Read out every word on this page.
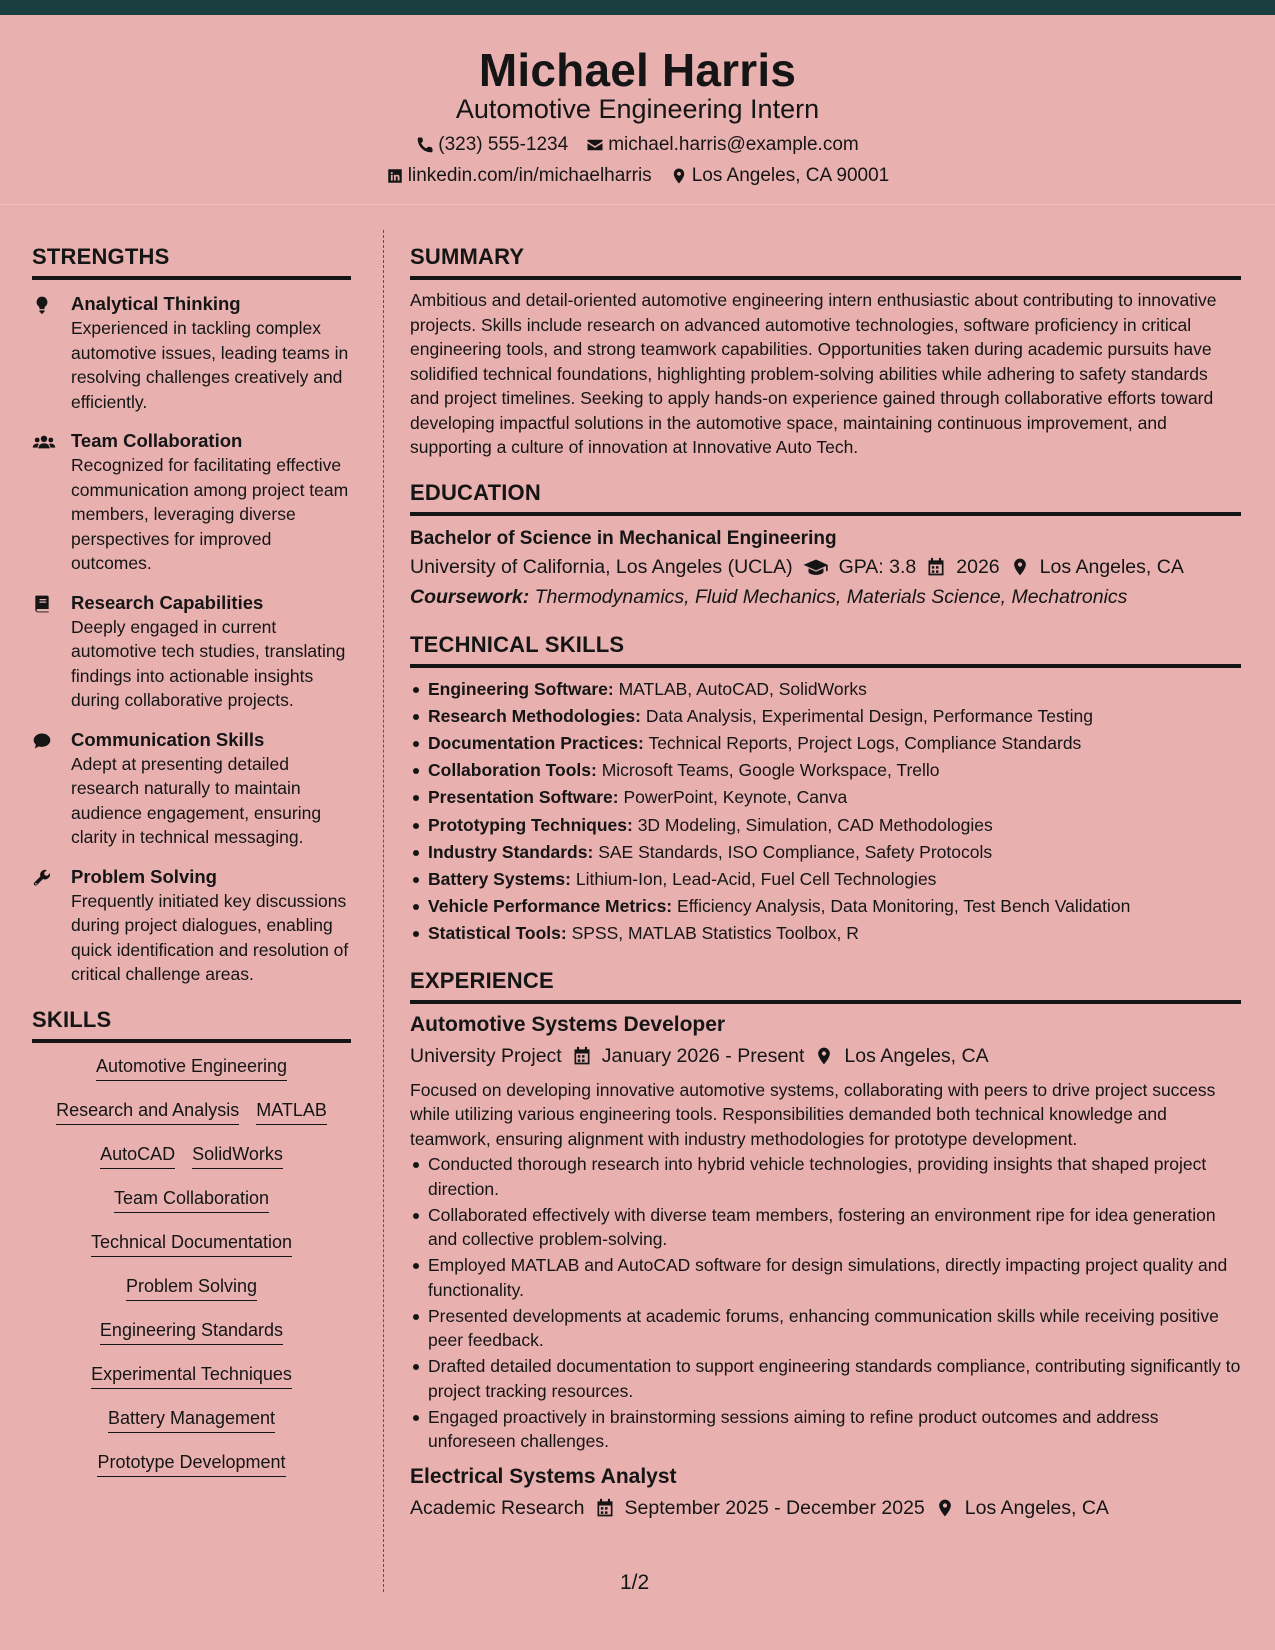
Michael Harris
Automotive Engineering Intern
(323) 555-1234 michael.harris@example.com
linkedin.com/in/michaelharris Los Angeles, CA 90001
STRENGTHS
Analytical Thinking
Experienced in tackling complex automotive issues, leading teams in resolving challenges creatively and efficiently.
Team Collaboration
Recognized for facilitating effective communication among project team members, leveraging diverse perspectives for improved outcomes.
Research Capabilities
Deeply engaged in current automotive tech studies, translating findings into actionable insights during collaborative projects.
Communication Skills
Adept at presenting detailed research naturally to maintain audience engagement, ensuring clarity in technical messaging.
Problem Solving
Frequently initiated key discussions during project dialogues, enabling quick identification and resolution of critical challenge areas.
SKILLS
Automotive Engineering
Research and Analysis MATLAB
AutoCAD SolidWorks
Team Collaboration
Technical Documentation
Problem Solving
Engineering Standards
Experimental Techniques
Battery Management
Prototype Development
SUMMARY
Ambitious and detail-oriented automotive engineering intern enthusiastic about contributing to innovative projects. Skills include research on advanced automotive technologies, software proficiency in critical engineering tools, and strong teamwork capabilities. Opportunities taken during academic pursuits have solidified technical foundations, highlighting problem-solving abilities while adhering to safety standards and project timelines. Seeking to apply hands-on experience gained through collaborative efforts toward developing impactful solutions in the automotive space, maintaining continuous improvement, and supporting a culture of innovation at Innovative Auto Tech.
EDUCATION
Bachelor of Science in Mechanical Engineering
University of California, Los Angeles (UCLA) GPA: 3.8 2026 Los Angeles, CA
Coursework: Thermodynamics, Fluid Mechanics, Materials Science, Mechatronics
TECHNICAL SKILLS
Engineering Software: MATLAB, AutoCAD, SolidWorks
Research Methodologies: Data Analysis, Experimental Design, Performance Testing
Documentation Practices: Technical Reports, Project Logs, Compliance Standards
Collaboration Tools: Microsoft Teams, Google Workspace, Trello
Presentation Software: PowerPoint, Keynote, Canva
Prototyping Techniques: 3D Modeling, Simulation, CAD Methodologies
Industry Standards: SAE Standards, ISO Compliance, Safety Protocols
Battery Systems: Lithium-Ion, Lead-Acid, Fuel Cell Technologies
Vehicle Performance Metrics: Efficiency Analysis, Data Monitoring, Test Bench Validation
Statistical Tools: SPSS, MATLAB Statistics Toolbox, R
EXPERIENCE
Automotive Systems Developer
University Project January 2026 - Present Los Angeles, CA
Focused on developing innovative automotive systems, collaborating with peers to drive project success while utilizing various engineering tools. Responsibilities demanded both technical knowledge and teamwork, ensuring alignment with industry methodologies for prototype development.
Conducted thorough research into hybrid vehicle technologies, providing insights that shaped project direction.
Collaborated effectively with diverse team members, fostering an environment ripe for idea generation and collective problem-solving.
Employed MATLAB and AutoCAD software for design simulations, directly impacting project quality and functionality.
Presented developments at academic forums, enhancing communication skills while receiving positive peer feedback.
Drafted detailed documentation to support engineering standards compliance, contributing significantly to project tracking resources.
Engaged proactively in brainstorming sessions aiming to refine product outcomes and address unforeseen challenges.
Electrical Systems Analyst
Academic Research September 2025 - December 2025 Los Angeles, CA
1/2
